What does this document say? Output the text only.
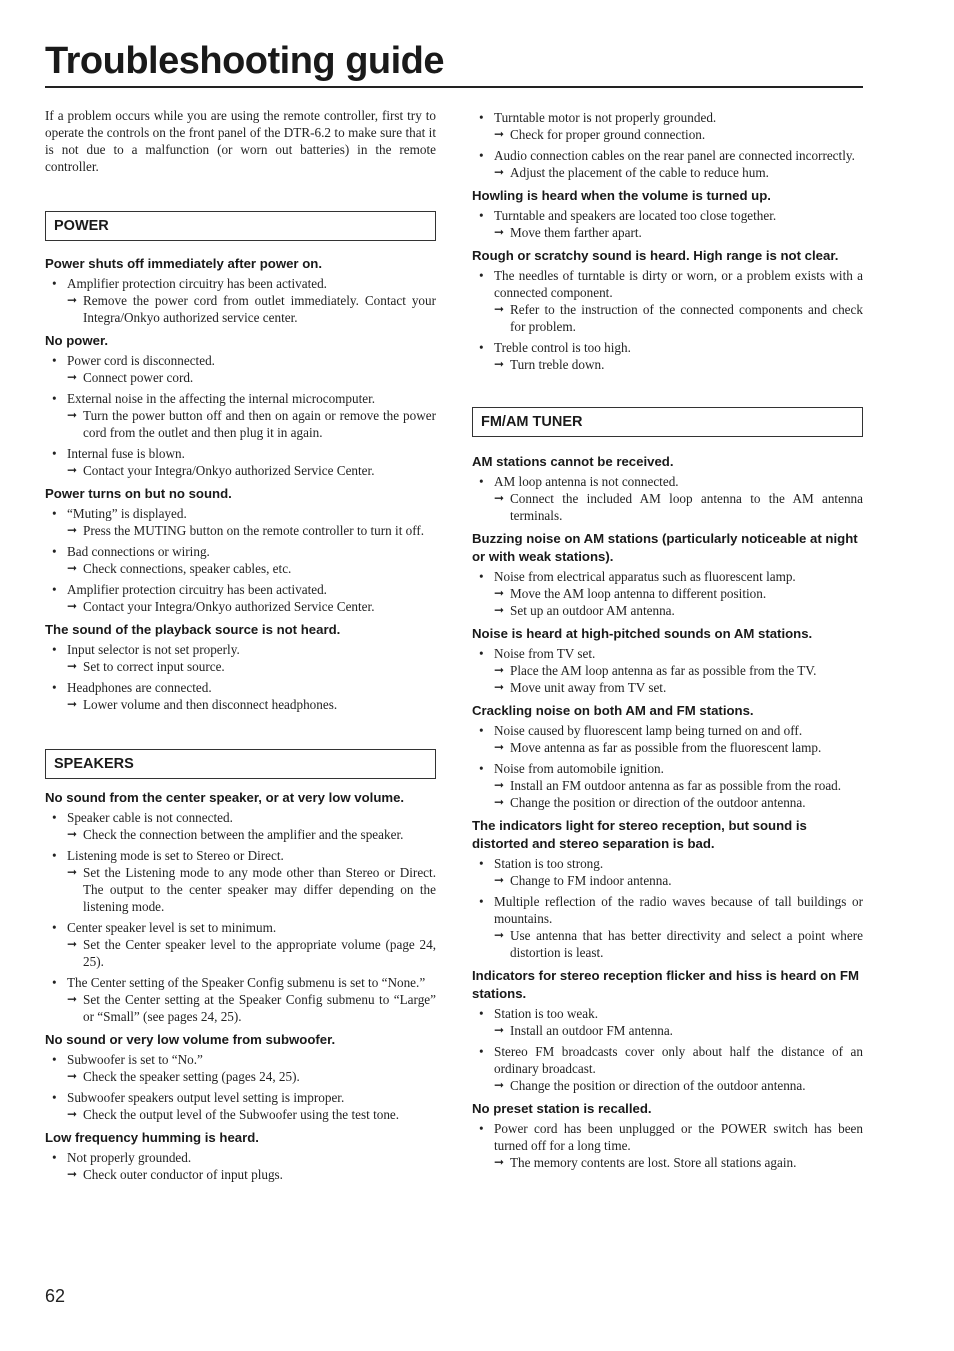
Troubleshooting guide

If a problem occurs while you are using the remote controller, first try to operate the controls on the front panel of the DTR-6.2 to make sure that it is not due to a malfunction (or worn out batteries) in the remote controller.

POWER

Power shuts off immediately after power on.

• Amplifier protection circuitry has been activated.
➞ Remove the power cord from outlet immediately. Contact your Integra/Onkyo authorized service center.

No power.

• Power cord is disconnected.
➞ Connect power cord.
• External noise in the affecting the internal microcomputer.
➞ Turn the power button off and then on again or remove the power cord from the outlet and then plug it in again.
• Internal fuse is blown.
➞ Contact your Integra/Onkyo authorized Service Center.

Power turns on but no sound.

• “Muting” is displayed.
➞ Press the MUTING button on the remote controller to turn it off.
• Bad connections or wiring.
➞ Check connections, speaker cables, etc.
• Amplifier protection circuitry has been activated.
➞ Contact your Integra/Onkyo authorized Service Center.

The sound of the playback source is not heard.

• Input selector is not set properly.
➞ Set to correct input source.
• Headphones are connected.
➞ Lower volume and then disconnect headphones.
SPEAKERS

No sound from the center speaker, or at very low volume.

• Speaker cable is not connected.
➞ Check the connection between the amplifier and the speaker.
• Listening mode is set to Stereo or Direct.
➞ Set the Listening mode to any mode other than Stereo or Direct. The output to the center speaker may differ depending on the listening mode.
• Center speaker level is set to minimum.
➞ Set the Center speaker level to the appropriate volume (page 24, 25).
• The Center setting of the Speaker Config submenu is set to “None.”
➞ Set the Center setting at the Speaker Config submenu to “Large” or “Small” (see pages 24, 25).

No sound or very low volume from subwoofer.

• Subwoofer is set to “No.”
➞ Check the speaker setting (pages 24, 25).
• Subwoofer speakers output level setting is improper.
➞ Check the output level of the Subwoofer using the test tone.

Low frequency humming is heard.

• Not properly grounded.
➞ Check outer conductor of input plugs.
• Turntable motor is not properly grounded.
➞ Check for proper ground connection.
• Audio connection cables on the rear panel are connected incorrectly.
➞ Adjust the placement of the cable to reduce hum.

Howling is heard when the volume is turned up.

• Turntable and speakers are located too close together.
➞ Move them farther apart.

Rough or scratchy sound is heard. High range is not clear.

• The needles of turntable is dirty or worn, or a problem exists with a connected component.
➞ Refer to the instruction of the connected components and check for problem.
• Treble control is too high.
➞ Turn treble down.
FM/AM TUNER

AM stations cannot be received.

• AM loop antenna is not connected.
➞ Connect the included AM loop antenna to the AM antenna terminals.

Buzzing noise on AM stations (particularly noticeable at night or with weak stations).

• Noise from electrical apparatus such as fluorescent lamp.
➞ Move the AM loop antenna to different position.
➞ Set up an outdoor AM antenna.

Noise is heard at high-pitched sounds on AM stations.

• Noise from TV set.
➞ Place the AM loop antenna as far as possible from the TV.
➞ Move unit away from TV set.

Crackling noise on both AM and FM stations.

• Noise caused by fluorescent lamp being turned on and off.
➞ Move antenna as far as possible from the fluorescent lamp.
• Noise from automobile ignition.
➞ Install an FM outdoor antenna as far as possible from the road.
➞ Change the position or direction of the outdoor antenna.

The indicators light for stereo reception, but sound is distorted and stereo separation is bad.

• Station is too strong.
➞ Change to FM indoor antenna.
• Multiple reflection of the radio waves because of tall buildings or mountains.
➞ Use antenna that has better directivity and select a point where distortion is least.

Indicators for stereo reception flicker and hiss is heard on FM stations.

• Station is too weak.
➞ Install an outdoor FM antenna.
• Stereo FM broadcasts cover only about half the distance of an ordinary broadcast.
➞ Change the position or direction of the outdoor antenna.

No preset station is recalled.

• Power cord has been unplugged or the POWER switch has been turned off for a long time.
➞ The memory contents are lost. Store all stations again.
62
